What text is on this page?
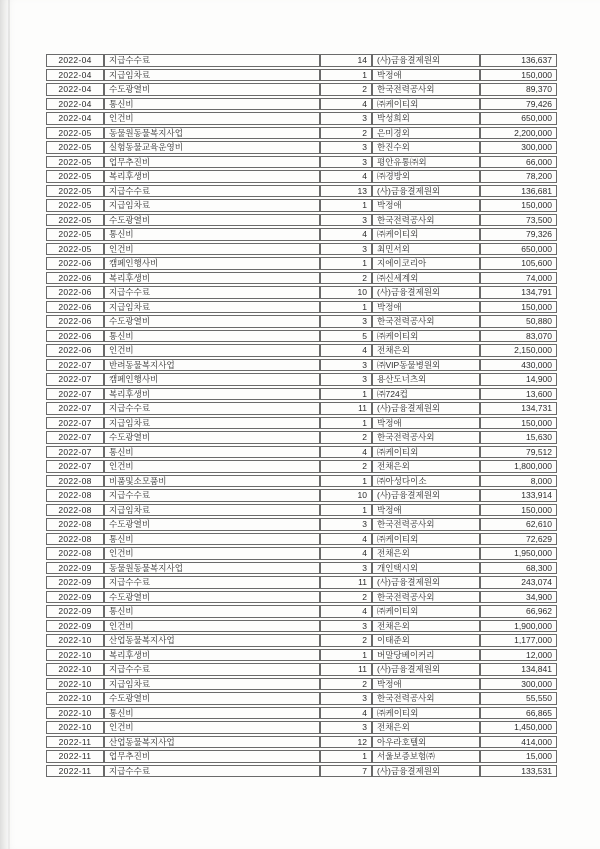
2022-04	지급수수료	14	(사)금융결제원외	136,637
2022-04	지급임차료	1	박정애	150,000
2022-04	수도광열비	2	한국전력공사외	89,370
2022-04	통신비	4	㈜케이티외	79,426
2022-04	인건비	3	박성희외	650,000
2022-05	동물원동물복지사업	2	은미경외	2,200,000
2022-05	실험동물교육운영비	3	한진수외	300,000
2022-05	업무추진비	3	평안유통㈜외	66,000
2022-05	복리후생비	4	㈜경방외	78,200
2022-05	지급수수료	13	(사)금융결제원외	136,681
2022-05	지급임차료	1	박정애	150,000
2022-05	수도광열비	3	한국전력공사외	73,500
2022-05	통신비	4	㈜케이티외	79,326
2022-05	인건비	3	최민서외	650,000
2022-06	캠페인행사비	1	지에이코리아	105,600
2022-06	복리후생비	2	㈜신세계외	74,000
2022-06	지급수수료	10	(사)금융결제원외	134,791
2022-06	지급임차료	1	박정애	150,000
2022-06	수도광열비	3	한국전력공사외	50,880
2022-06	통신비	5	㈜케이티외	83,070
2022-06	인건비	4	전채은외	2,150,000
2022-07	반려동물복지사업	3	㈜VIP동물병원외	430,000
2022-07	캠페인행사비	3	용산도너츠외	14,900
2022-07	복리후생비	1	㈜724컵	13,600
2022-07	지급수수료	11	(사)금융결제원외	134,731
2022-07	지급임차료	1	박정애	150,000
2022-07	수도광열비	2	한국전력공사외	15,630
2022-07	통신비	4	㈜케이티외	79,512
2022-07	인건비	2	전채은외	1,800,000
2022-08	비품및소모품비	1	㈜아성다이소	8,000
2022-08	지급수수료	10	(사)금융결제원외	133,914
2022-08	지급임차료	1	박정애	150,000
2022-08	수도광열비	3	한국전력공사외	62,610
2022-08	통신비	4	㈜케이티외	72,629
2022-08	인건비	4	전채은외	1,950,000
2022-09	동물원동물복지사업	3	개인택시외	68,300
2022-09	지급수수료	11	(사)금융결제원외	243,074
2022-09	수도광열비	2	한국전력공사외	34,900
2022-09	통신비	4	㈜케이티외	66,962
2022-09	인건비	3	전채은외	1,900,000
2022-10	산업동물복지사업	2	이태준외	1,177,000
2022-10	복리후생비	1	버말당베이커리	12,000
2022-10	지급수수료	11	(사)금융결제원외	134,841
2022-10	지급임차료	2	박정애	300,000
2022-10	수도광열비	3	한국전력공사외	55,550
2022-10	통신비	4	㈜케이티외	66,865
2022-10	인건비	3	전채은외	1,450,000
2022-11	산업동물복지사업	12	아우라호텔외	414,000
2022-11	업무추진비	1	서울보증보험㈜	15,000
2022-11	지급수수료	7	(사)금융결제원외	133,531
